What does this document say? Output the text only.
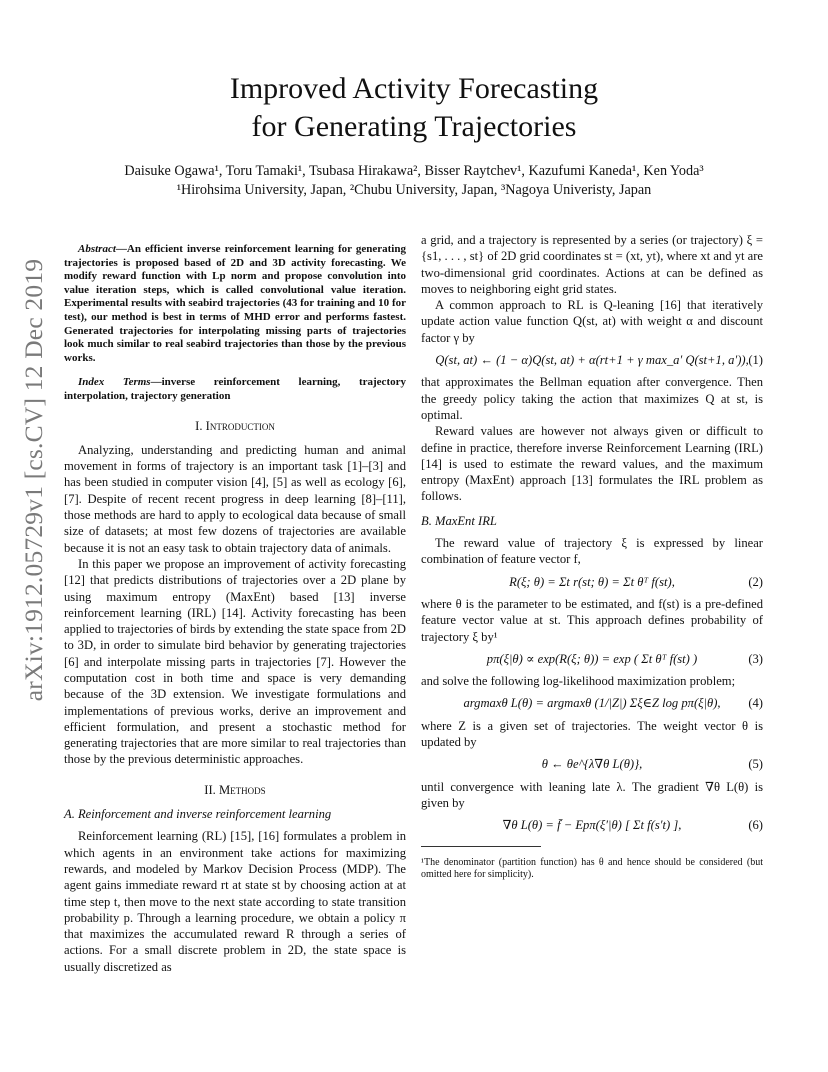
arXiv:1912.05729v1 [cs.CV] 12 Dec 2019
Improved Activity Forecasting
for Generating Trajectories
Daisuke Ogawa¹, Toru Tamaki¹, Tsubasa Hirakawa², Bisser Raytchev¹, Kazufumi Kaneda¹, Ken Yoda³
¹Hirohsima University, Japan, ²Chubu University, Japan, ³Nagoya Univeristy, Japan

Abstract—An efficient inverse reinforcement learning for generating trajectories is proposed based of 2D and 3D activity forecasting. We modify reward function with Lp norm and propose convolution into value iteration steps, which is called convolutional value iteration. Experimental results with seabird trajectories (43 for training and 10 for test), our method is best in terms of MHD error and performs fastest. Generated trajectories for interpolating missing parts of trajectories look much similar to real seabird trajectories than those by the previous works.

Index Terms—inverse reinforcement learning, trajectory interpolation, trajectory generation

I. Introduction

Analyzing, understanding and predicting human and animal movement in forms of trajectory is an important task [1]–[3] and has been studied in computer vision [4], [5] as well as ecology [6], [7]. Despite of recent recent progress in deep learning [8]–[11], those methods are hard to apply to ecological data because of small size of datasets; at most few dozens of trajectories are available because it is not an easy task to obtain trajectory data of animals.

In this paper we propose an improvement of activity forecasting [12] that predicts distributions of trajectories over a 2D plane by using maximum entropy (MaxEnt) based [13] inverse reinforcement learning (IRL) [14]. Activity forecasting has been applied to trajectories of birds by extending the state space from 2D to 3D, in order to simulate bird behavior by generating trajectories [6] and interpolate missing parts in trajectories [7]. However the computation cost in both time and space is very demanding because of the 3D extension. We investigate formulations and implementations of previous works, derive an improvement and efficient formulation, and present a stochastic method for generating trajectories that are more similar to real trajectories than those by the previous deterministic approaches.

II. Methods
A. Reinforcement and inverse reinforcement learning

Reinforcement learning (RL) [15], [16] formulates a problem in which agents in an environment take actions for maximizing rewards, and modeled by Markov Decision Process (MDP). The agent gains immediate reward rt at state st by choosing action at at time step t, then move to the next state according to state transition probability p. Through a learning procedure, we obtain a policy π that maximizes the accumulated reward R through a series of actions. For a small discrete problem in 2D, the state space is usually discretized as

a grid, and a trajectory is represented by a series (or trajectory) ξ = {s1, . . . , st} of 2D grid coordinates st = (xt, yt), where xt and yt are two-dimensional grid coordinates. Actions at can be defined as moves to neighboring eight grid states.

A common approach to RL is Q-leaning [16] that iteratively update action value function Q(st, at) with weight α and discount factor γ by

Q(st, at) ← (1 − α)Q(st, at) + α(rt+1 + γ max_a′ Q(st+1, a′)), (1)

that approximates the Bellman equation after convergence. Then the greedy policy taking the action that maximizes Q at st, is optimal.

Reward values are however not always given or difficult to define in practice, therefore inverse Reinforcement Learning (IRL) [14] is used to estimate the reward values, and the maximum entropy (MaxEnt) approach [13] formulates the IRL problem as follows.

B. MaxEnt IRL

The reward value of trajectory ξ is expressed by linear combination of feature vector f,

R(ξ; θ) = Σt r(st; θ) = Σt θᵀ f(st),	(2)

where θ is the parameter to be estimated, and f(st) is a pre-defined feature vector value at st. This approach defines probability of trajectory ξ by¹

pπ(ξ|θ) ∝ exp(R(ξ; θ)) = exp ( Σt θᵀ f(st) )	(3)

and solve the following log-likelihood maximization problem;

argmaxθ L(θ) = argmaxθ (1/|Z|) Σξ∈Z log pπ(ξ|θ), (4)

where Z is a given set of trajectories. The weight vector θ is updated by

θ ← θe^{λ∇θ L(θ)},	(5)

until convergence with leaning late λ. The gradient ∇θ L(θ) is given by

∇θ L(θ) = f̄ − Epπ(ξ′|θ) [ Σt f(s′t) ],	(6)

¹The denominator (partition function) has θ and hence should be considered (but omitted here for simplicity).
